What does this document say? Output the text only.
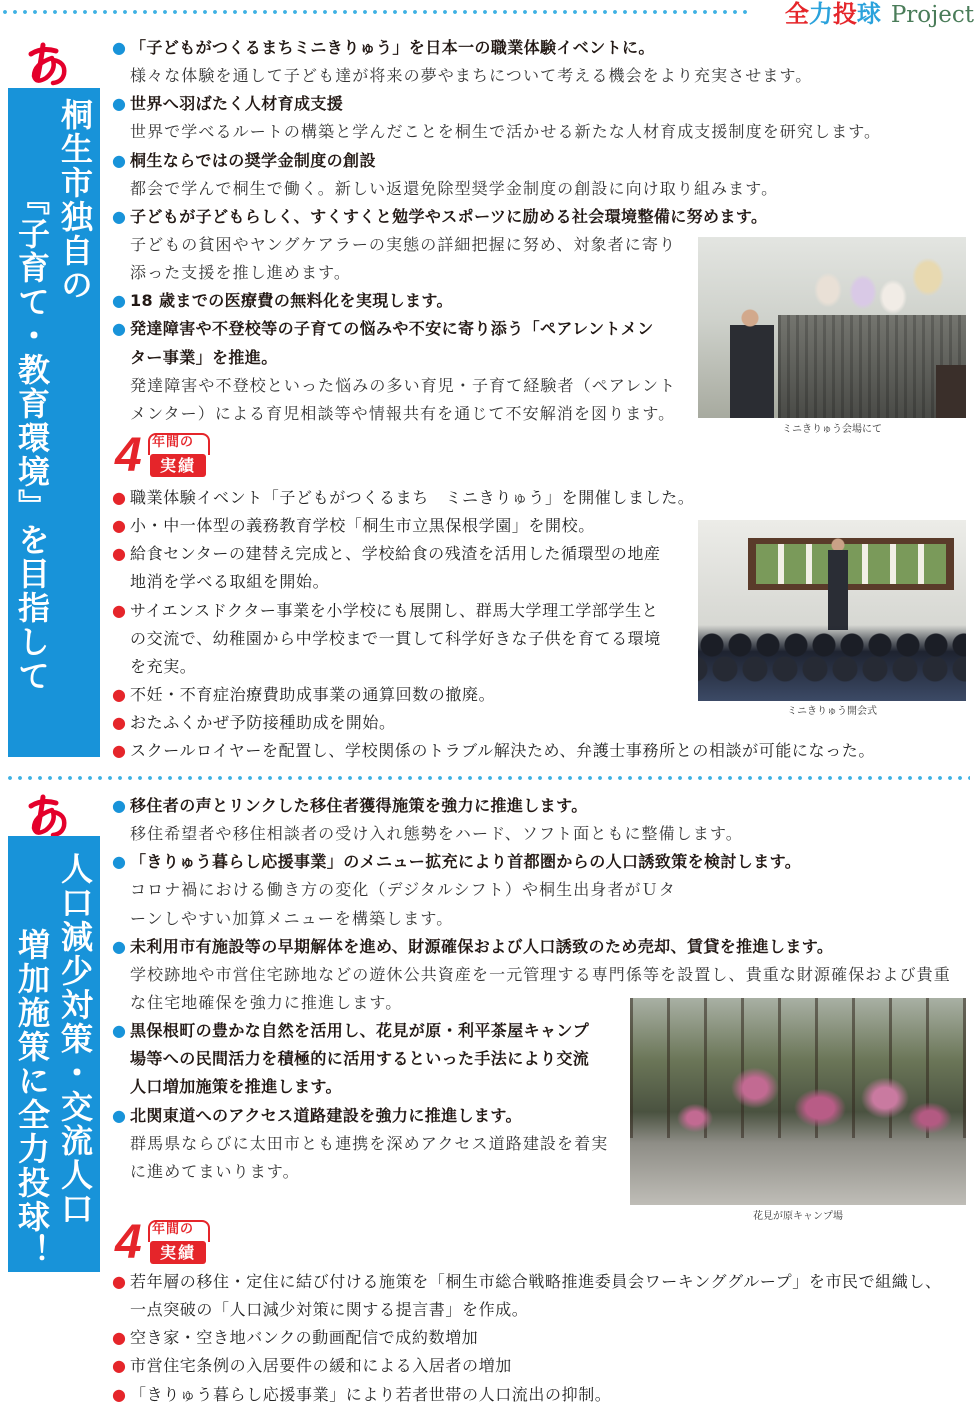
全力投球 Project
桐生市独自の
『子育て・教育環境』を目指して
● 「子どもがつくるまちミニきりゅう」を日本一の職業体験イベントに。
様々な体験を通して子ども達が将来の夢やまちについて考える機会をより充実させます。
● 世界へ羽ばたく人材育成支援
世界で学べるルートの構築と学んだことを桐生で活かせる新たな人材育成支援制度を研究します。
● 桐生ならではの奨学金制度の創設
都会で学んで桐生で働く。新しい返還免除型奨学金制度の創設に向け取り組みます。
● 子どもが子どもらしく、すくすくと勉学やスポーツに励める社会環境整備に努めます。
子どもの貧困やヤングケアラーの実態の詳細把握に努め、対象者に寄り
添った支援を推し進めます。
● 18 歳までの医療費の無料化を実現します。
● 発達障害や不登校等の子育ての悩みや不安に寄り添う「ペアレントメン
ター事業」を推進。
発達障害や不登校といった悩みの多い育児・子育て経験者（ペアレント
メンター）による育児相談等や情報共有を通じて不安解消を図ります。
ミニきりゅう会場にて
4 年間の
実績
● 職業体験イベント「子どもがつくるまち　ミニきりゅう」を開催しました。
● 小・中一体型の義務教育学校「桐生市立黒保根学園」を開校。
● 給食センターの建替え完成と、学校給食の残渣を活用した循環型の地産
地消を学べる取組を開始。
● サイエンスドクター事業を小学校にも展開し、群馬大学理工学部学生と
の交流で、幼稚園から中学校まで一貫して科学好きな子供を育てる環境
を充実。
● 不妊・不育症治療費助成事業の通算回数の撤廃。
● おたふくかぜ予防接種助成を開始。
● スクールロイヤーを配置し、学校関係のトラブル解決ため、弁護士事務所との相談が可能になった。
ミニきりゅう開会式
人口減少対策・交流人口
増加施策に全力投球！
● 移住者の声とリンクした移住者獲得施策を強力に推進します。
移住希望者や移住相談者の受け入れ態勢をハード、ソフト面ともに整備します。
● 「きりゅう暮らし応援事業」のメニュー拡充により首都圏からの人口誘致策を検討します。
コロナ禍における働き方の変化（デジタルシフト）や桐生出身者がＵタ
ーンしやすい加算メニューを構築します。
● 未利用市有施設等の早期解体を進め、財源確保および人口誘致のため売却、賃貸を推進します。
学校跡地や市営住宅跡地などの遊休公共資産を一元管理する専門係等を設置し、貴重な財源確保および貴重
な住宅地確保を強力に推進します。
● 黒保根町の豊かな自然を活用し、花見が原・利平茶屋キャンプ
場等への民間活力を積極的に活用するといった手法により交流
人口増加施策を推進します。
● 北関東道へのアクセス道路建設を強力に推進します。
群馬県ならびに太田市とも連携を深めアクセス道路建設を着実
に進めてまいります。
花見が原キャンプ場
4 年間の
実績
● 若年層の移住・定住に結び付ける施策を「桐生市総合戦略推進委員会ワーキンググループ」を市民で組織し、
一点突破の「人口減少対策に関する提言書」を作成。
● 空き家・空き地バンクの動画配信で成約数増加
● 市営住宅条例の入居要件の緩和による入居者の増加
● 「きりゅう暮らし応援事業」により若者世帯の人口流出の抑制。
